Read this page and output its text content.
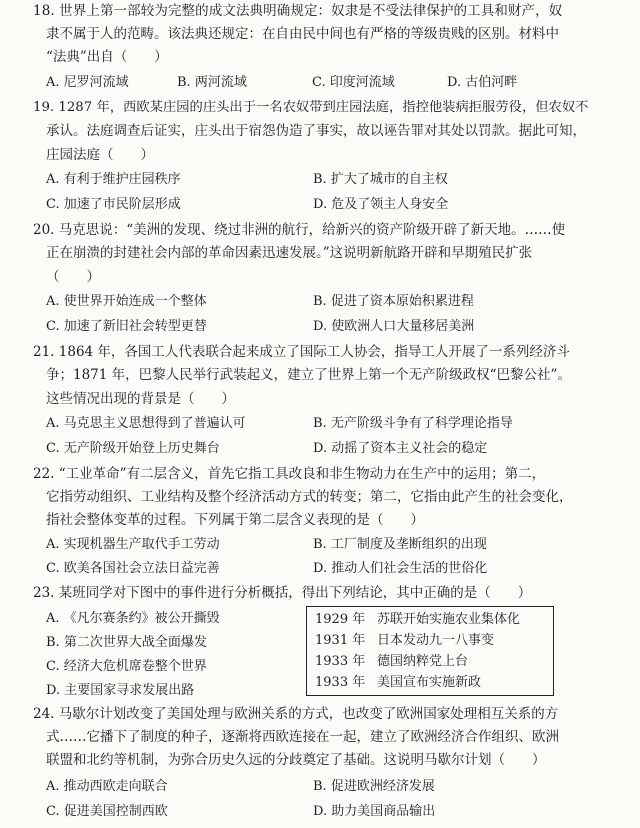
18. 世界上第一部较为完整的成文法典明确规定：奴隶是不受法律保护的工具和财产，奴
隶不属于人的范畴。该法典还规定：在自由民中间也有严格的等级贵贱的区别。材料中
“法典”出自（　　）
A. 尼罗河流域	B. 两河流域	C. 印度河流域	D. 古伯河畔
19. 1287 年，西欧某庄园的庄头出于一名农奴带到庄园法庭，指控他装病拒服劳役，但农奴不
承认。法庭调查后证实，庄头出于宿怨伪造了事实，故以诬告罪对其处以罚款。据此可知，
庄园法庭（　　）
A. 有利于维护庄园秩序	B. 扩大了城市的自主权
C. 加速了市民阶层形成	D. 危及了领主人身安全
20. 马克思说：“美洲的发现、绕过非洲的航行，给新兴的资产阶级开辟了新天地。……使
正在崩溃的封建社会内部的革命因素迅速发展。”这说明新航路开辟和早期殖民扩张
（　　）
A. 使世界开始连成一个整体	B. 促进了资本原始积累进程
C. 加速了新旧社会转型更替	D. 使欧洲人口大量移居美洲
21. 1864 年，各国工人代表联合起来成立了国际工人协会，指导工人开展了一系列经济斗
争；1871 年，巴黎人民举行武装起义，建立了世界上第一个无产阶级政权“巴黎公社”。
这些情况出现的背景是（　　）
A. 马克思主义思想得到了普遍认可	B. 无产阶级斗争有了科学理论指导
C. 无产阶级开始登上历史舞台	D. 动摇了资本主义社会的稳定
22. “工业革命”有二层含义，首先它指工具改良和非生物动力在生产中的运用；第二，
它指劳动组织、工业结构及整个经济活动方式的转变；第二，它指由此产生的社会变化，
指社会整体变革的过程。下列属于第二层含义表现的是（　　）
A. 实现机器生产取代手工劳动	B. 工厂制度及垄断组织的出现
C. 欧美各国社会立法日益完善	D. 推动人们社会生活的世俗化
23. 某班同学对下图中的事件进行分析概括，得出下列结论，其中正确的是（　　）
A. 《凡尔赛条约》被公开撕毁
B. 第二次世界大战全面爆发
C. 经济大危机席卷整个世界
D. 主要国家寻求发展出路
1929 年 苏联开始实施农业集体化
1931 年 日本发动九一八事变
1933 年 德国纳粹党上台
1933 年 美国宣布实施新政
24. 马歇尔计划改变了美国处理与欧洲关系的方式，也改变了欧洲国家处理相互关系的方
式……它播下了制度的种子，逐渐将西欧连接在一起，建立了欧洲经济合作组织、欧洲
联盟和北约等机制，为弥合历史久远的分歧奠定了基础。这说明马歇尔计划（　　）
A. 推动西欧走向联合	B. 促进欧洲经济发展
C. 促进美国控制西欧	D. 助力美国商品输出
